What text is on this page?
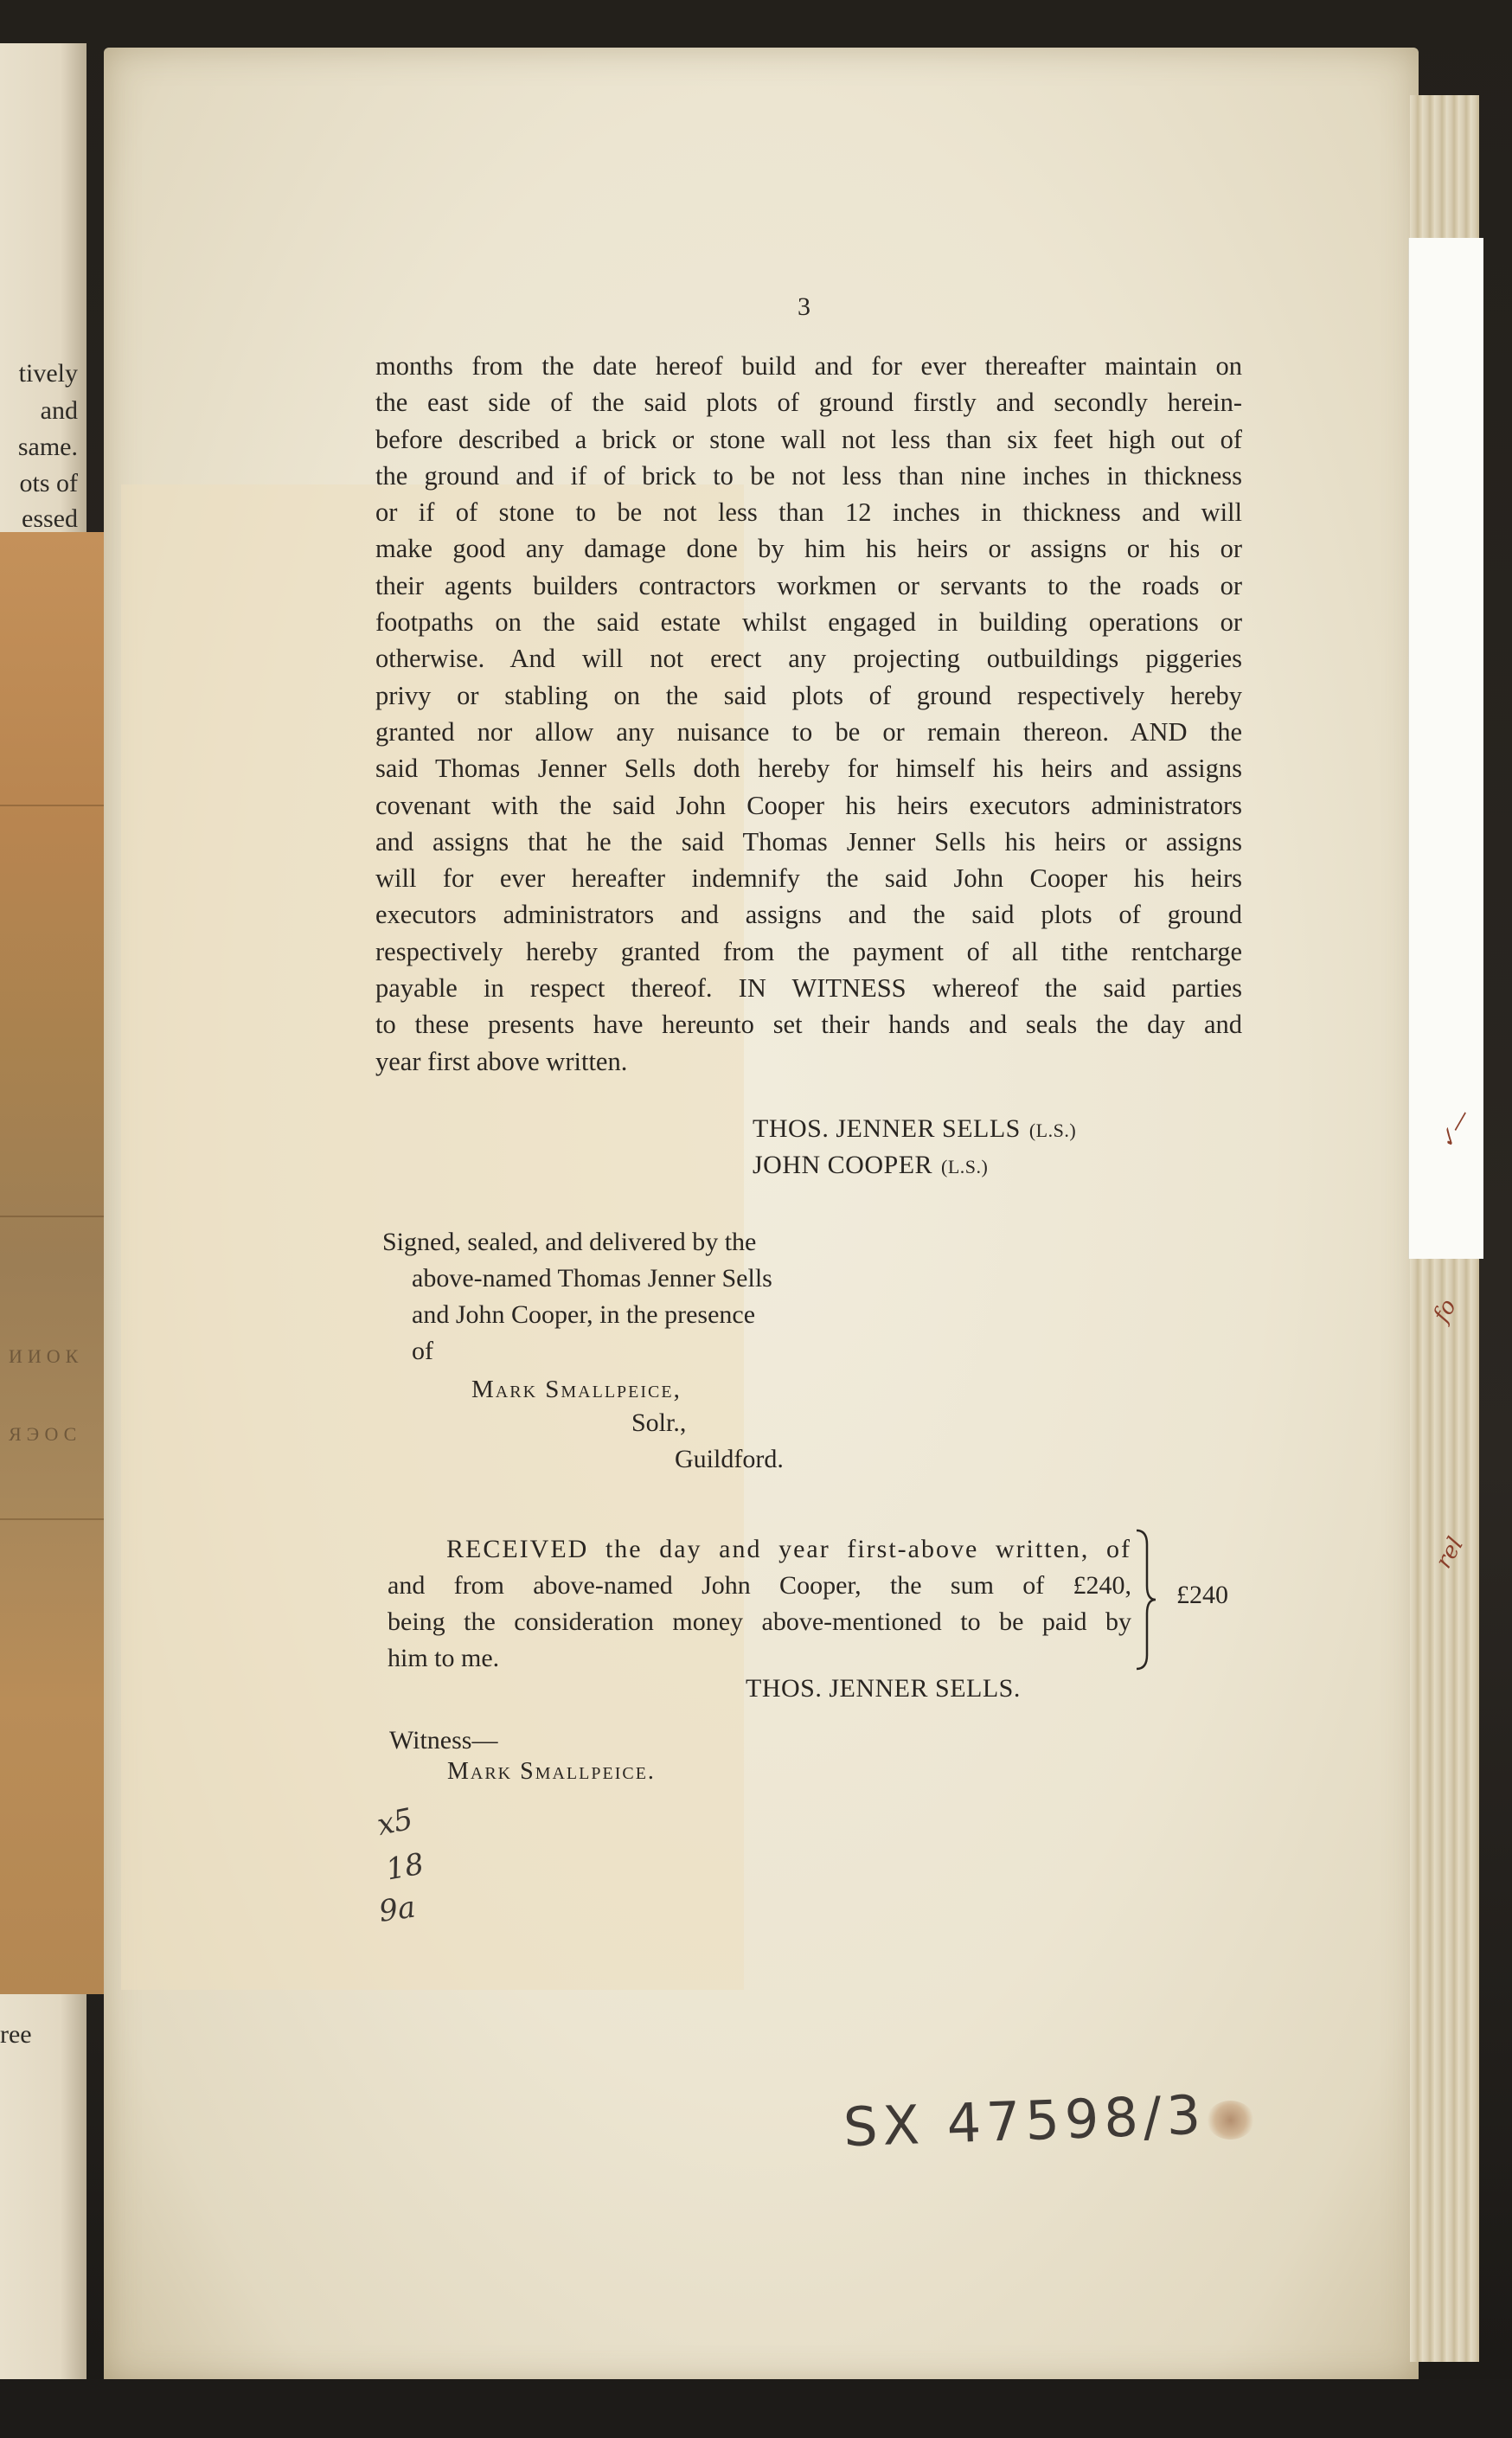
tively
and
same.
ots of
essed
ree
ИИОК
ЯЭОС
✓—
fo
rel
3
months from the date hereof build and for ever thereafter maintain on
the east side of the said plots of ground firstly and secondly herein-
before described a brick or stone wall not less than six feet high out of
the ground and if of brick to be not less than nine inches in thickness
or if of stone to be not less than 12 inches in thickness and will
make good any damage done by him his heirs or assigns or his or
their agents builders contractors workmen or servants to the roads or
footpaths on the said estate whilst engaged in building operations or
otherwise. And will not erect any projecting outbuildings piggeries
privy or stabling on the said plots of ground respectively hereby
granted nor allow any nuisance to be or remain thereon. AND the
said Thomas Jenner Sells doth hereby for himself his heirs and assigns
covenant with the said John Cooper his heirs executors administrators
and assigns that he the said Thomas Jenner Sells his heirs or assigns
will for ever hereafter indemnify the said John Cooper his heirs
executors administrators and assigns and the said plots of ground
respectively hereby granted from the payment of all tithe rentcharge
payable in respect thereof. IN WITNESS whereof the said parties
to these presents have hereunto set their hands and seals the day and
year first above written.
THOS. JENNER SELLS (L.S.)
JOHN COOPER (L.S.)
Signed, sealed, and delivered by the
above-named Thomas Jenner Sells
and John Cooper, in the presence
of
Mark Smallpeice,
Solr.,
Guildford.
RECEIVED the day and year first-above written, of
and from above-named John Cooper, the sum of £240,
being the consideration money above-mentioned to be paid by
him to me.
£240
THOS. JENNER SELLS.
Witness—
Mark Smallpeice.
x5
18
9a
SX 47598/3
